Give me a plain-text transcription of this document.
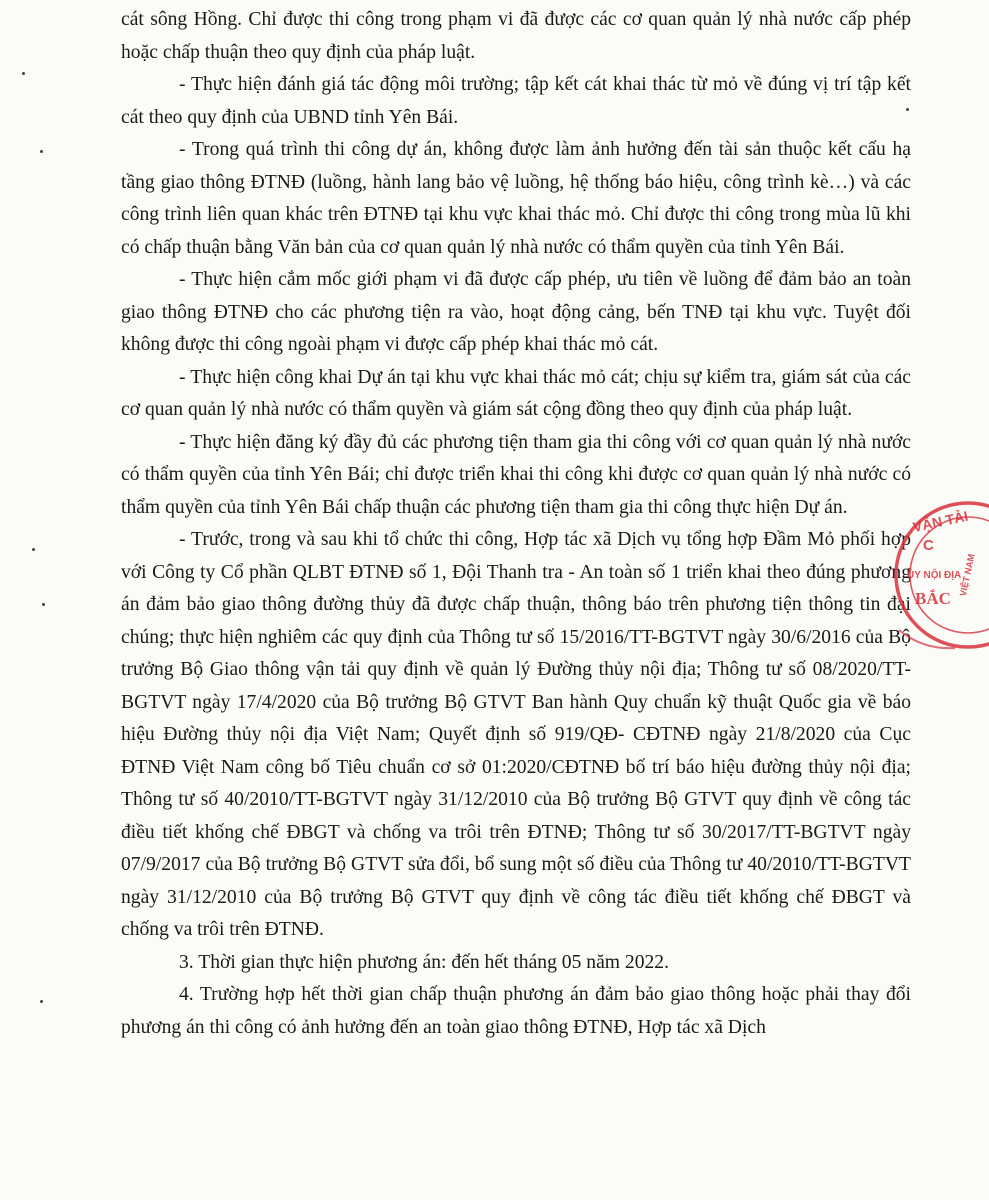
cát sông Hồng. Chỉ được thi công trong phạm vi đã được các cơ quan quản lý nhà nước cấp phép hoặc chấp thuận theo quy định của pháp luật.

- Thực hiện đánh giá tác động môi trường; tập kết cát khai thác từ mỏ về đúng vị trí tập kết cát theo quy định của UBND tỉnh Yên Bái.

- Trong quá trình thi công dự án, không được làm ảnh hưởng đến tài sản thuộc kết cấu hạ tầng giao thông ĐTNĐ (luồng, hành lang bảo vệ luồng, hệ thống báo hiệu, công trình kè…) và các công trình liên quan khác trên ĐTNĐ tại khu vực khai thác mỏ. Chỉ được thi công trong mùa lũ khi có chấp thuận bằng Văn bản của cơ quan quản lý nhà nước có thẩm quyền của tỉnh Yên Bái.

- Thực hiện cắm mốc giới phạm vi đã được cấp phép, ưu tiên về luồng để đảm bảo an toàn giao thông ĐTNĐ cho các phương tiện ra vào, hoạt động cảng, bến TNĐ tại khu vực. Tuyệt đối không được thi công ngoài phạm vi được cấp phép khai thác mỏ cát.

- Thực hiện công khai Dự án tại khu vực khai thác mỏ cát; chịu sự kiểm tra, giám sát của các cơ quan quản lý nhà nước có thẩm quyền và giám sát cộng đồng theo quy định của pháp luật.

- Thực hiện đăng ký đầy đủ các phương tiện tham gia thi công với cơ quan quản lý nhà nước có thẩm quyền của tỉnh Yên Bái; chỉ được triển khai thi công khi được cơ quan quản lý nhà nước có thẩm quyền của tỉnh Yên Bái chấp thuận các phương tiện tham gia thi công thực hiện Dự án.

- Trước, trong và sau khi tổ chức thi công, Hợp tác xã Dịch vụ tổng hợp Đầm Mỏ phối hợp với Công ty Cổ phần QLBT ĐTNĐ số 1, Đội Thanh tra - An toàn số 1 triển khai theo đúng phương án đảm bảo giao thông đường thủy đã được chấp thuận, thông báo trên phương tiện thông tin đại chúng; thực hiện nghiêm các quy định của Thông tư số 15/2016/TT-BGTVT ngày 30/6/2016 của Bộ trưởng Bộ Giao thông vận tải quy định về quản lý Đường thủy nội địa; Thông tư số 08/2020/TT-BGTVT ngày 17/4/2020 của Bộ trưởng Bộ GTVT Ban hành Quy chuẩn kỹ thuật Quốc gia về báo hiệu Đường thủy nội địa Việt Nam; Quyết định số 919/QĐ- CĐTNĐ ngày 21/8/2020 của Cục ĐTNĐ Việt Nam công bố Tiêu chuẩn cơ sở 01:2020/CĐTNĐ bố trí báo hiệu đường thủy nội địa; Thông tư số 40/2010/TT-BGTVT ngày 31/12/2010 của Bộ trưởng Bộ GTVT quy định về công tác điều tiết khống chế ĐBGT và chống va trôi trên ĐTNĐ; Thông tư số 30/2017/TT-BGTVT ngày 07/9/2017 của Bộ trưởng Bộ GTVT sửa đổi, bổ sung một số điều của Thông tư 40/2010/TT-BGTVT ngày 31/12/2010 của Bộ trưởng Bộ GTVT quy định về công tác điều tiết khống chế ĐBGT và chống va trôi trên ĐTNĐ.

3. Thời gian thực hiện phương án: đến hết tháng 05 năm 2022.

4. Trường hợp hết thời gian chấp thuận phương án đảm bảo giao thông hoặc phải thay đổi phương án thi công có ảnh hưởng đến an toàn giao thông ĐTNĐ, Hợp tác xã Dịch

VẬN TẢI
C
ỦY NỘI ĐỊA
BẮC
VIỆT NAM
